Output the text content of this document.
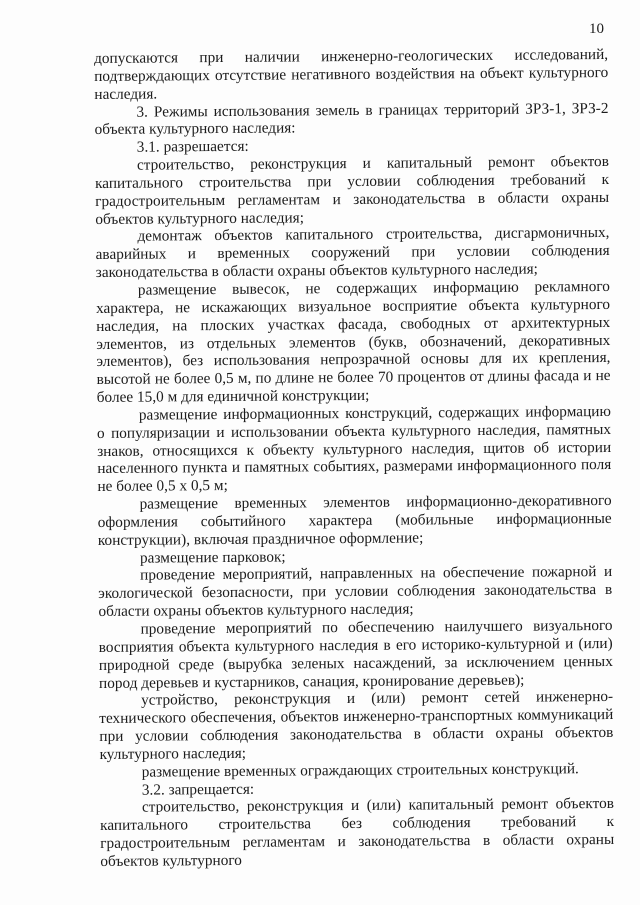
10

допускаются при наличии инженерно-геологических исследований, подтверждающих отсутствие негативного воздействия на объект культурного наследия.

3. Режимы использования земель в границах территорий ЗРЗ-1, ЗРЗ-2 объекта культурного наследия:

3.1. разрешается:

строительство, реконструкция и капитальный ремонт объектов капитального строительства при условии соблюдения требований к градостроительным регламентам и законодательства в области охраны объектов культурного наследия;

демонтаж объектов капитального строительства, дисгармоничных, аварийных и временных сооружений при условии соблюдения законодательства в области охраны объектов культурного наследия;

размещение вывесок, не содержащих информацию рекламного характера, не искажающих визуальное восприятие объекта культурного наследия, на плоских участках фасада, свободных от архитектурных элементов, из отдельных элементов (букв, обозначений, декоративных элементов), без использования непрозрачной основы для их крепления, высотой не более 0,5 м, по длине не более 70 процентов от длины фасада и не более 15,0 м для единичной конструкции;

размещение информационных конструкций, содержащих информацию о популяризации и использовании объекта культурного наследия, памятных знаков, относящихся к объекту культурного наследия, щитов об истории населенного пункта и памятных событиях, размерами информационного поля не более 0,5 х 0,5 м;

размещение временных элементов информационно-декоративного оформления событийного характера (мобильные информационные конструкции), включая праздничное оформление;

размещение парковок;

проведение мероприятий, направленных на обеспечение пожарной и экологической безопасности, при условии соблюдения законодательства в области охраны объектов культурного наследия;

проведение мероприятий по обеспечению наилучшего визуального восприятия объекта культурного наследия в его историко-культурной и (или) природной среде (вырубка зеленых насаждений, за исключением ценных пород деревьев и кустарников, санация, кронирование деревьев);

устройство, реконструкция и (или) ремонт сетей инженерно-технического обеспечения, объектов инженерно-транспортных коммуникаций при условии соблюдения законодательства в области охраны объектов культурного наследия;

размещение временных ограждающих строительных конструкций.

3.2. запрещается:

строительство, реконструкция и (или) капитальный ремонт объектов капитального строительства без соблюдения требований к градостроительным регламентам и законодательства в области охраны объектов культурного
